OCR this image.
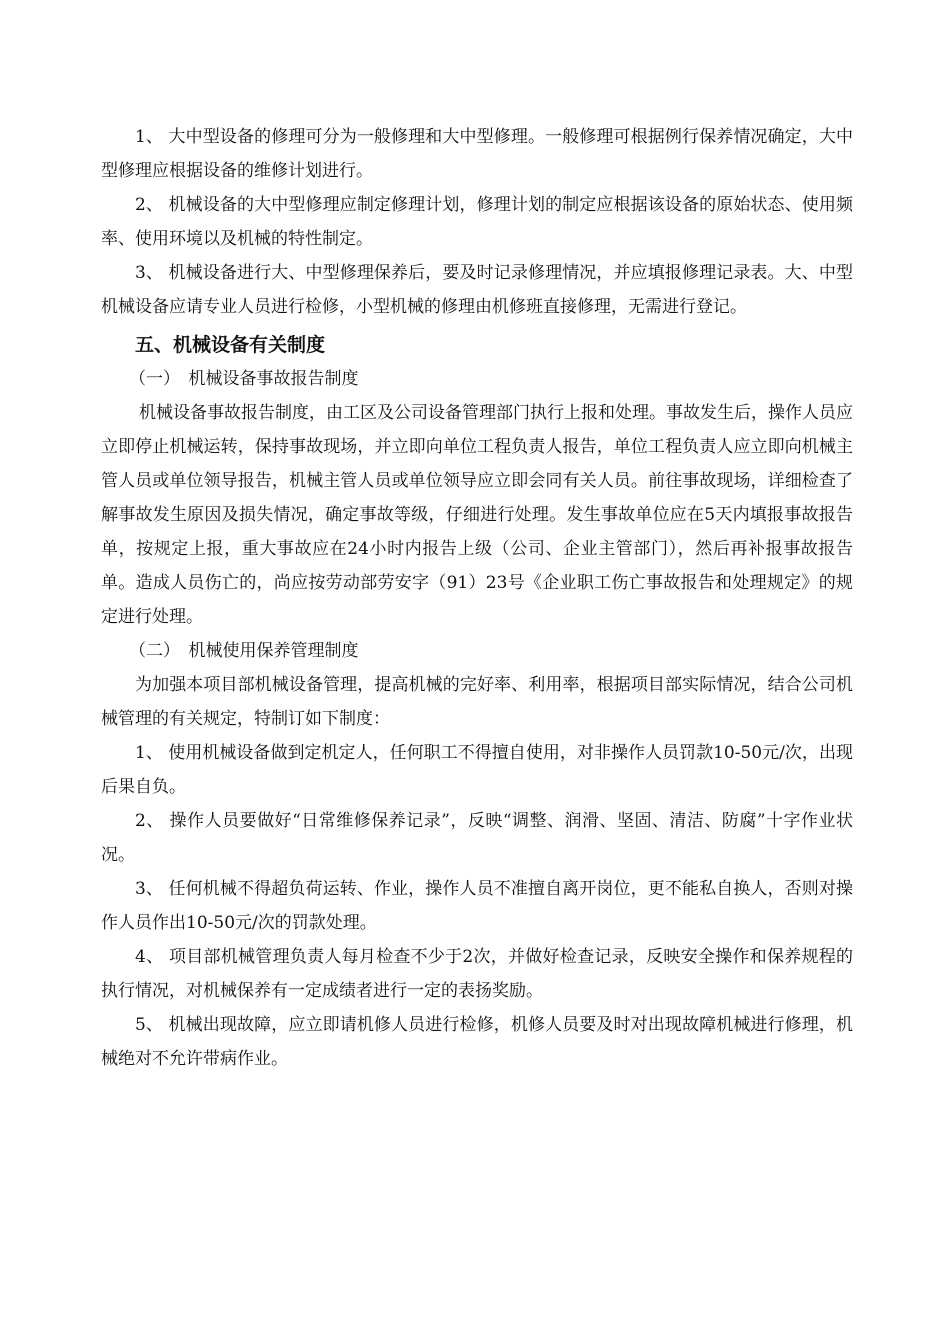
1、 大中型设备的修理可分为一般修理和大中型修理。一般修理可根据例行保养情况确定，大中型修理应根据设备的维修计划进行。

2、 机械设备的大中型修理应制定修理计划，修理计划的制定应根据该设备的原始状态、使用频率、使用环境以及机械的特性制定。

3、 机械设备进行大、中型修理保养后，要及时记录修理情况，并应填报修理记录表。大、中型机械设备应请专业人员进行检修，小型机械的修理由机修班直接修理，无需进行登记。

五、机械设备有关制度

（一）　机械设备事故报告制度

机械设备事故报告制度，由工区及公司设备管理部门执行上报和处理。事故发生后，操作人员应立即停止机械运转，保持事故现场，并立即向单位工程负责人报告，单位工程负责人应立即向机械主管人员或单位领导报告，机械主管人员或单位领导应立即会同有关人员。前往事故现场，详细检查了解事故发生原因及损失情况，确定事故等级，仔细进行处理。发生事故单位应在5天内填报事故报告单，按规定上报，重大事故应在24小时内报告上级（公司、企业主管部门），然后再补报事故报告单。造成人员伤亡的，尚应按劳动部劳安字（91）23号《企业职工伤亡事故报告和处理规定》的规定进行处理。

（二）　机械使用保养管理制度

为加强本项目部机械设备管理，提高机械的完好率、利用率，根据项目部实际情况，结合公司机械管理的有关规定，特制订如下制度：

1、 使用机械设备做到定机定人，任何职工不得擅自使用，对非操作人员罚款10-50元/次，出现后果自负。

2、 操作人员要做好“日常维修保养记录”，反映“调整、润滑、坚固、清洁、防腐”十字作业状况。

3、 任何机械不得超负荷运转、作业，操作人员不准擅自离开岗位，更不能私自换人，否则对操作人员作出10-50元/次的罚款处理。

4、 项目部机械管理负责人每月检查不少于2次，并做好检查记录，反映安全操作和保养规程的执行情况，对机械保养有一定成绩者进行一定的表扬奖励。

5、 机械出现故障，应立即请机修人员进行检修，机修人员要及时对出现故障机械进行修理，机械绝对不允许带病作业。
